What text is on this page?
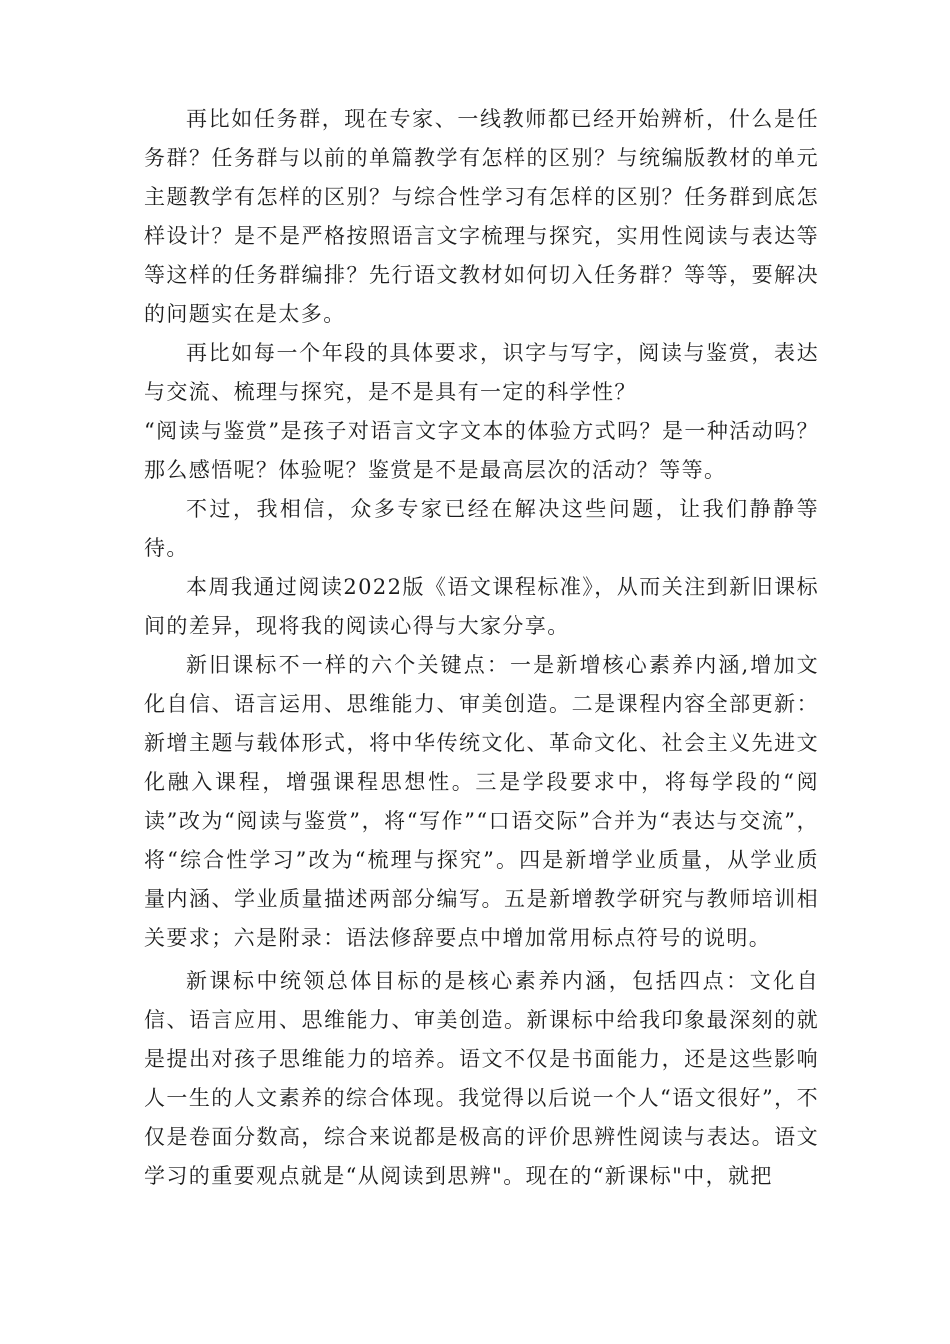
再比如任务群，现在专家、一线教师都已经开始辨析，什么是任务群？任务群与以前的单篇教学有怎样的区别？与统编版教材的单元主题教学有怎样的区别？与综合性学习有怎样的区别？任务群到底怎样设计？是不是严格按照语言文字梳理与探究，实用性阅读与表达等等这样的任务群编排？先行语文教材如何切入任务群？等等，要解决的问题实在是太多。

再比如每一个年段的具体要求，识字与写字，阅读与鉴赏，表达与交流、梳理与探究，是不是具有一定的科学性？

“阅读与鉴赏”是孩子对语言文字文本的体验方式吗？是一种活动吗？那么感悟呢？体验呢？鉴赏是不是最高层次的活动？等等。

不过，我相信，众多专家已经在解决这些问题，让我们静静等待。

本周我通过阅读2022版《语文课程标准》，从而关注到新旧课标间的差异，现将我的阅读心得与大家分享。

新旧课标不一样的六个关键点：一是新增核心素养内涵,增加文化自信、语言运用、思维能力、审美创造。二是课程内容全部更新：新增主题与载体形式，将中华传统文化、革命文化、社会主义先进文化融入课程，增强课程思想性。三是学段要求中，将每学段的“阅读”改为“阅读与鉴赏”，将“写作”“口语交际”合并为“表达与交流”，将“综合性学习”改为“梳理与探究”。四是新增学业质量，从学业质量内涵、学业质量描述两部分编写。五是新增教学研究与教师培训相关要求；六是附录：语法修辞要点中增加常用标点符号的说明。

新课标中统领总体目标的是核心素养内涵，包括四点：文化自信、语言应用、思维能力、审美创造。新课标中给我印象最深刻的就是提出对孩子思维能力的培养。语文不仅是书面能力，还是这些影响人一生的人文素养的综合体现。我觉得以后说一个人“语文很好”，不仅是卷面分数高，综合来说都是极高的评价思辨性阅读与表达。语文学习的重要观点就是“从阅读到思辨"。现在的“新课标"中，就把
